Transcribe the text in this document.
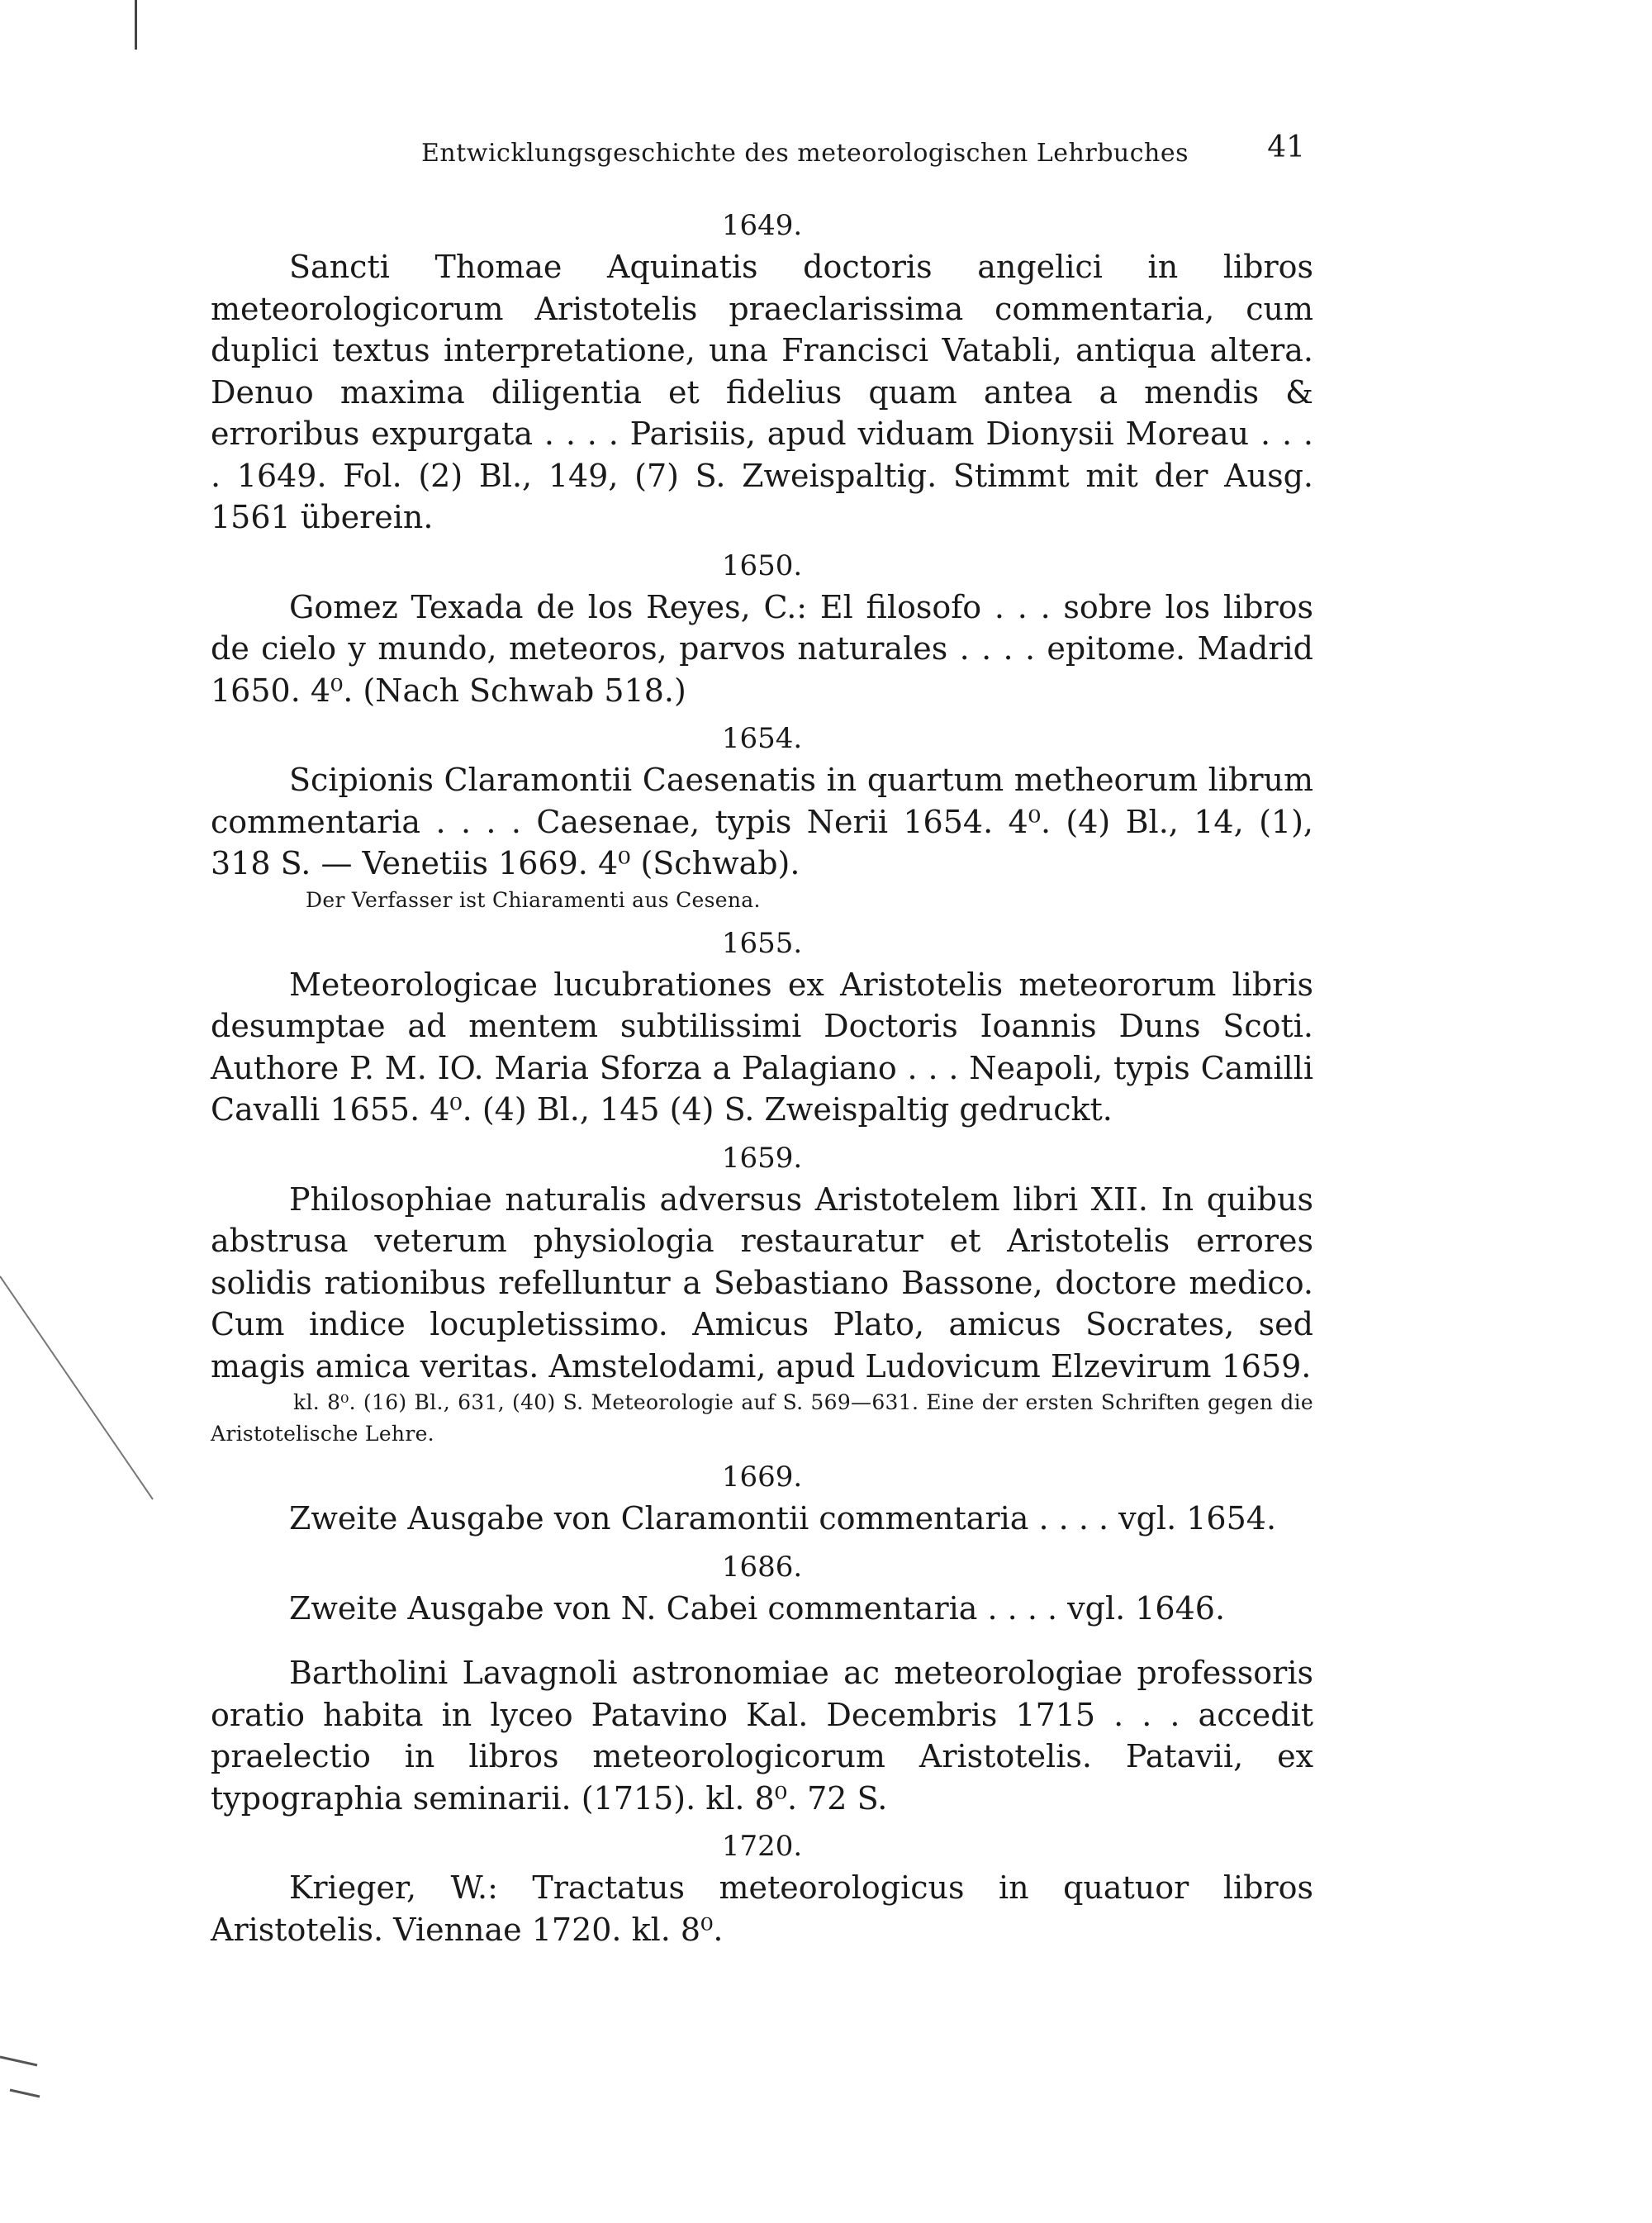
Entwicklungsgeschichte des meteorologischen Lehrbuches	41
1649.

Sancti Thomae Aquinatis doctoris angelici in libros meteorologicorum Aristotelis praeclarissima commentaria, cum duplici textus interpretatione, una Francisci Vatabli, antiqua altera. Denuo maxima diligentia et fidelius quam antea a mendis & erroribus expurgata . . . . Parisiis, apud viduam Dionysii Moreau . . . . 1649. Fol. (2) Bl., 149, (7) S. Zweispaltig. Stimmt mit der Ausg. 1561 überein.

1650.

Gomez Texada de los Reyes, C.: El filosofo . . . sobre los libros de cielo y mundo, meteoros, parvos naturales . . . . epitome. Madrid 1650. 4⁰. (Nach Schwab 518.)

1654.

Scipionis Claramontii Caesenatis in quartum metheorum librum commentaria . . . . Caesenae, typis Nerii 1654. 4⁰. (4) Bl., 14, (1), 318 S. — Venetiis 1669. 4⁰ (Schwab).

Der Verfasser ist Chiaramenti aus Cesena.

1655.

Meteorologicae lucubrationes ex Aristotelis meteororum libris desumptae ad mentem subtilissimi Doctoris Ioannis Duns Scoti. Authore P. M. IO. Maria Sforza a Palagiano . . . Neapoli, typis Camilli Cavalli 1655. 4⁰. (4) Bl., 145 (4) S. Zweispaltig gedruckt.

1659.

Philosophiae naturalis adversus Aristotelem libri XII. In quibus abstrusa veterum physiologia restauratur et Aristotelis errores solidis rationibus refelluntur a Sebastiano Bassone, doctore medico. Cum indice locupletissimo. Amicus Plato, amicus Socrates, sed magis amica veritas. Amstelodami, apud Ludovicum Elzevirum 1659.

kl. 8⁰. (16) Bl., 631, (40) S. Meteorologie auf S. 569—631. Eine der ersten Schriften gegen die Aristotelische Lehre.

1669.

Zweite Ausgabe von Claramontii commentaria . . . . vgl. 1654.

1686.

Zweite Ausgabe von N. Cabei commentaria . . . . vgl. 1646.

Bartholini Lavagnoli astronomiae ac meteorologiae professoris oratio habita in lyceo Patavino Kal. Decembris 1715 . . . accedit praelectio in libros meteorologicorum Aristotelis. Patavii, ex typographia seminarii. (1715). kl. 8⁰. 72 S.

1720.

Krieger, W.: Tractatus meteorologicus in quatuor libros Aristotelis. Viennae 1720. kl. 8⁰.
